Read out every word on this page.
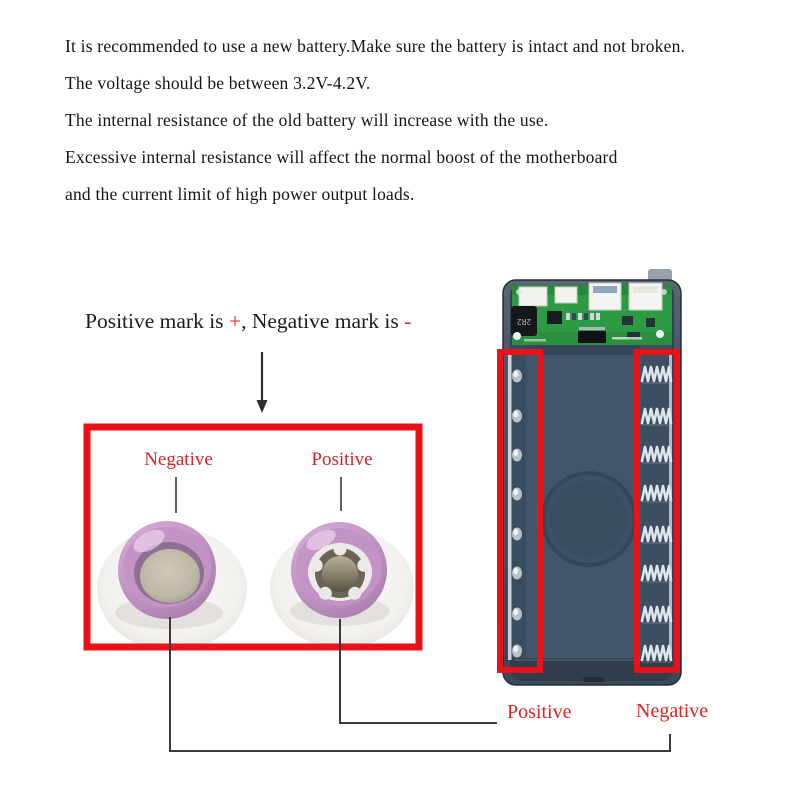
2R2

It is recommended to use a new battery.Make sure the battery is intact and not broken.

The voltage should be between 3.2V-4.2V.

The internal resistance of the old battery will increase with the use.

Excessive internal resistance will affect the normal boost of the motherboard

and the current limit of high power output loads.

Positive mark is +, Negative mark is -
Negative	Positive
Positive	Negative
